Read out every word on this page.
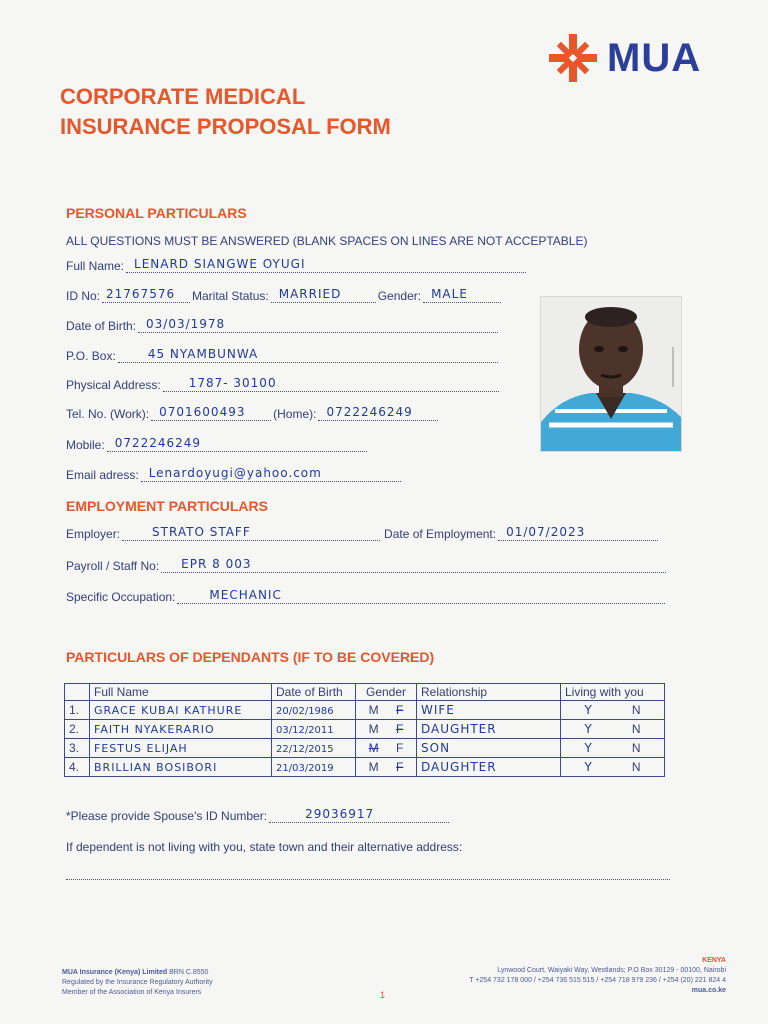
MUA
CORPORATE MEDICAL
INSURANCE PROPOSAL FORM
PERSONAL PARTICULARS
ALL QUESTIONS MUST BE ANSWERED (BLANK SPACES ON LINES ARE NOT ACCEPTABLE)
Full Name: LENARD SIANGWE OYUGI
ID No: 21767576 Marital Status: MARRIED	Gender: MALE
Date of Birth: 03/03/1978
P.O. Box:	45 NYAMBUNWA
Physical Address: 1787- 30100
Tel. No. (Work): 0701600493 (Home): 0722246249
Mobile: 0722246249
Email adress: Lenardoyugi@yahoo.com
EMPLOYMENT PARTICULARS
Employer:	STRATO STAFF	Date of Employment: 01/07/2023
Payroll / Staff No: EPR 8 003
Specific Occupation:	MECHANIC
PARTICULARS OF DEPENDANTS (IF TO BE COVERED)
	Full Name	Date of Birth	Gender	Relationship	Living with you
1.	GRACE KUBAI KATHURE	20/02/1986	M F	WIFE	Y N

2.	FAITH NYAKERARIO	03/12/2011	M F	DAUGHTER	Y N

3.	FESTUS ELIJAH	22/12/2015	M F	SON	Y N

4.	BRILLIAN BOSIBORI	21/03/2019	M F	DAUGHTER	Y N
*Please provide Spouse's ID Number:	29036917
If dependent is not living with you, state town and their alternative address:
MUA Insurance (Kenya) Limited BRN C.8550
Regulated by the Insurance Regulatory Authority
Member of the Association of Kenya Insurers	1
KENYA
Lynwood Court, Waiyaki Way, Westlands; P.O Box 30129 - 00100, Nairobi
T +254 732 178 000 / +254 736 515 515 / +254 718 979 236 / +254 (20) 221 824 4
mua.co.ke
